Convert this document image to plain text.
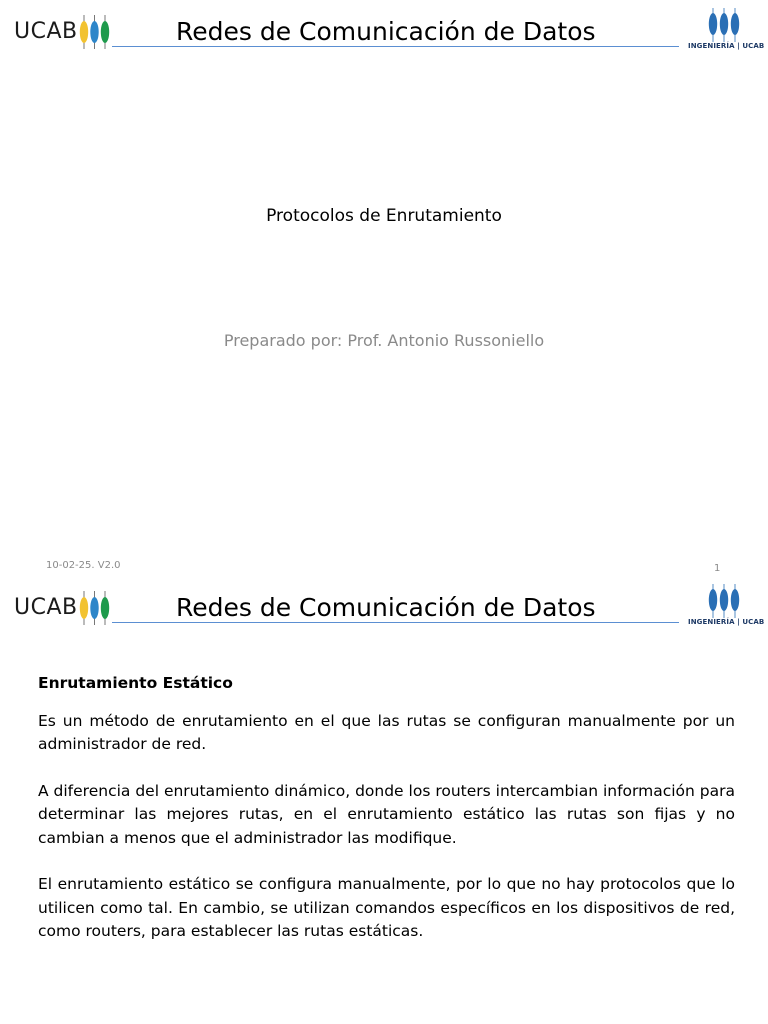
UCAB	Redes de Comunicación de Datos	INGENIERÍA | UCAB
Protocolos de Enrutamiento
Preparado por: Prof. Antonio Russoniello
10-02-25. V2.0	1
UCAB	Redes de Comunicación de Datos	INGENIERÍA | UCAB
Enrutamiento Estático

Es un método de enrutamiento en el que las rutas se configuran manualmente por un administrador de red.

A diferencia del enrutamiento dinámico, donde los routers intercambian información para determinar las mejores rutas, en el enrutamiento estático las rutas son fijas y no cambian a menos que el administrador las modifique.

El enrutamiento estático se configura manualmente, por lo que no hay protocolos que lo utilicen como tal. En cambio, se utilizan comandos específicos en los dispositivos de red, como routers, para establecer las rutas estáticas.
